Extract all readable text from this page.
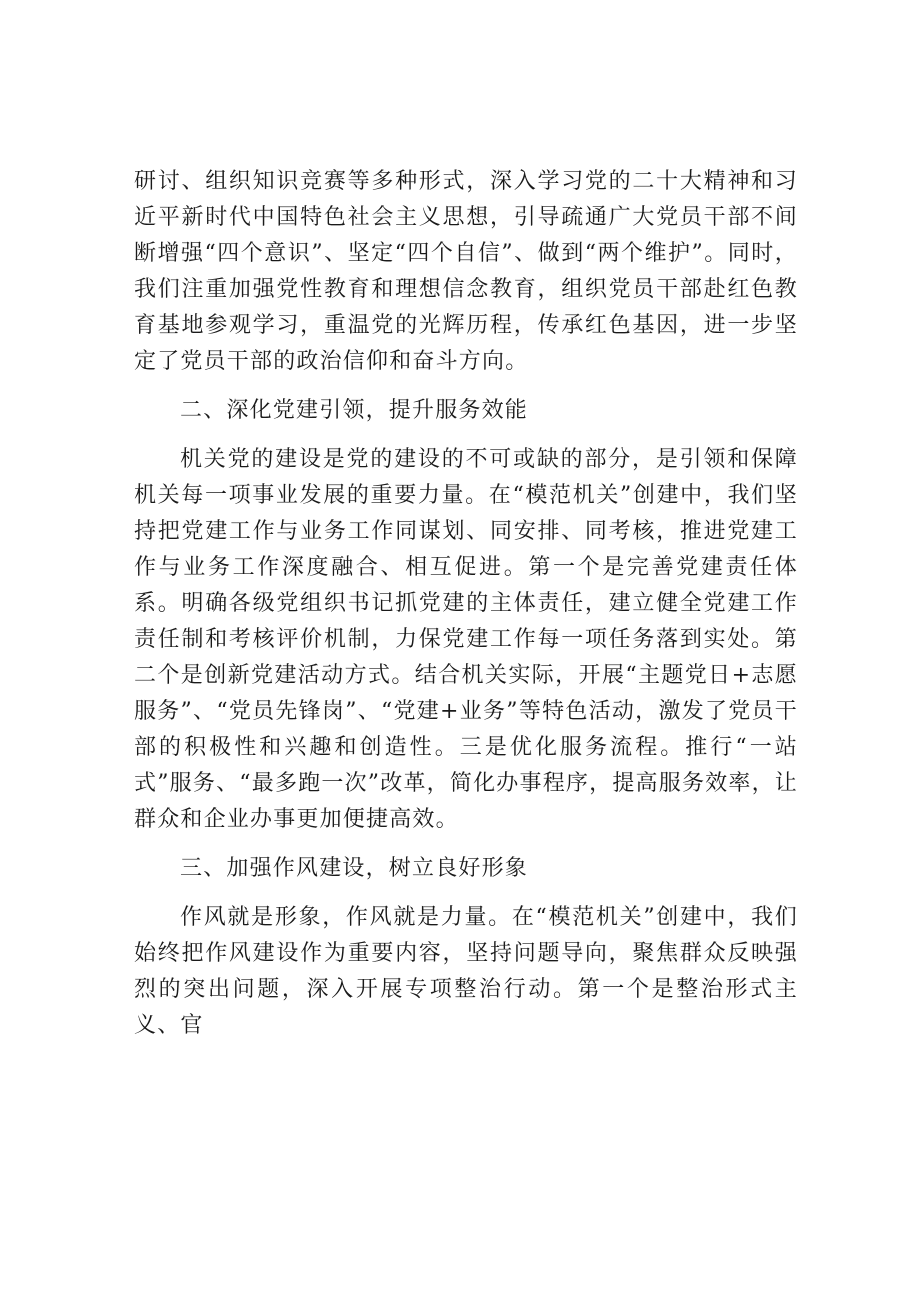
研讨、组织知识竞赛等多种形式，深入学习党的二十大精神和习近平新时代中国特色社会主义思想，引导疏通广大党员干部不间断增强“四个意识”、坚定“四个自信”、做到“两个维护”。同时，我们注重加强党性教育和理想信念教育，组织党员干部赴红色教育基地参观学习，重温党的光辉历程，传承红色基因，进一步坚定了党员干部的政治信仰和奋斗方向。

二、深化党建引领，提升服务效能

机关党的建设是党的建设的不可或缺的部分，是引领和保障机关每一项事业发展的重要力量。在“模范机关”创建中，我们坚持把党建工作与业务工作同谋划、同安排、同考核，推进党建工作与业务工作深度融合、相互促进。第一个是完善党建责任体系。明确各级党组织书记抓党建的主体责任，建立健全党建工作责任制和考核评价机制，力保党建工作每一项任务落到实处。第二个是创新党建活动方式。结合机关实际，开展“主题党日+志愿服务”、“党员先锋岗”、“党建+业务”等特色活动，激发了党员干部的积极性和兴趣和创造性。三是优化服务流程。推行“一站式”服务、“最多跑一次”改革，简化办事程序，提高服务效率，让群众和企业办事更加便捷高效。

三、加强作风建设，树立良好形象

作风就是形象，作风就是力量。在“模范机关”创建中，我们始终把作风建设作为重要内容，坚持问题导向，聚焦群众反映强烈的突出问题，深入开展专项整治行动。第一个是整治形式主义、官
